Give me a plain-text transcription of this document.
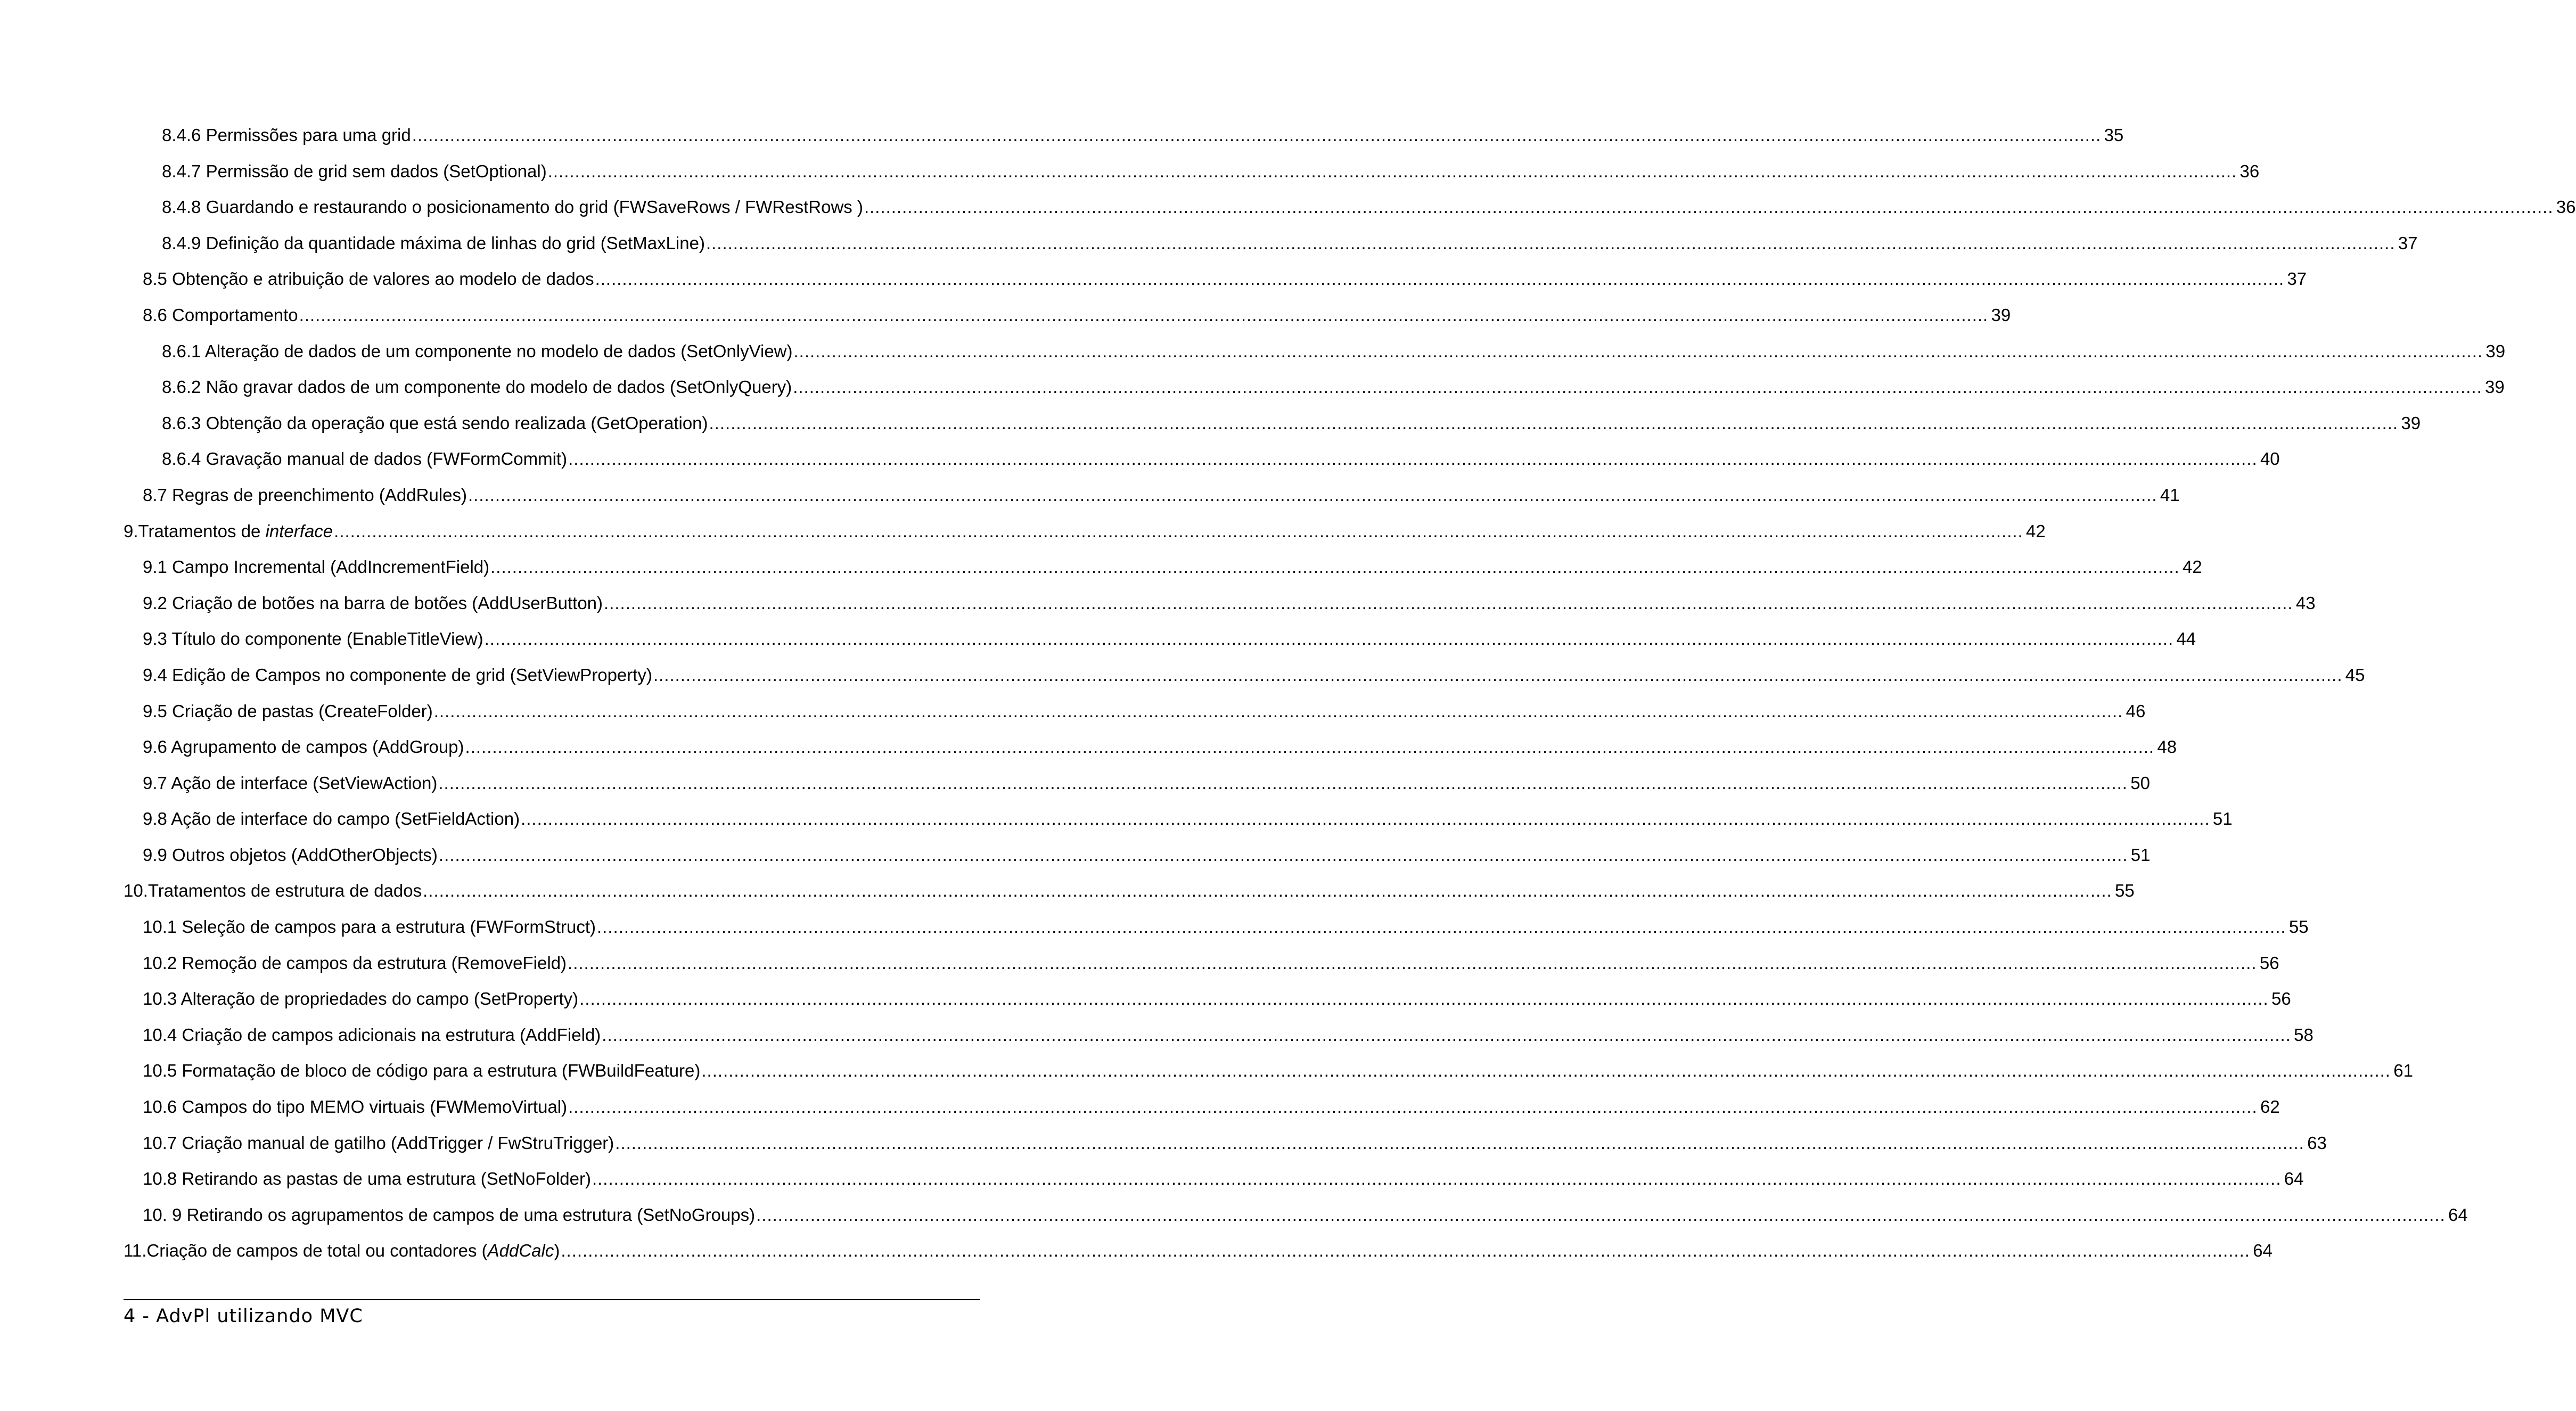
8.4.6 Permissões para uma grid .....	35
8.4.7 Permissão de grid sem dados (SetOptional) .....	36
8.4.8 Guardando e restaurando o posicionamento do grid (FWSaveRows / FWRestRows ) .....	36
8.4.9 Definição da quantidade máxima de linhas do grid (SetMaxLine) .....	37
8.5 Obtenção e atribuição de valores ao modelo de dados .....	37
8.6 Comportamento .....	39
8.6.1 Alteração de dados de um componente no modelo de dados (SetOnlyView) .....	39
8.6.2 Não gravar dados de um componente do modelo de dados (SetOnlyQuery) .....	39
8.6.3 Obtenção da operação que está sendo realizada (GetOperation) .....	39
8.6.4 Gravação manual de dados (FWFormCommit) .....	40
8.7 Regras de preenchimento (AddRules) .....	41
9.Tratamentos de interface .....	42
9.1 Campo Incremental (AddIncrementField) .....	42
9.2 Criação de botões na barra de botões (AddUserButton) .....	43
9.3 Título do componente (EnableTitleView) .....	44
9.4 Edição de Campos no componente de grid (SetViewProperty) .....	45
9.5 Criação de pastas (CreateFolder) .....	46
9.6 Agrupamento de campos (AddGroup) .....	48
9.7 Ação de interface (SetViewAction) .....	50
9.8 Ação de interface do campo (SetFieldAction) .....	51
9.9 Outros objetos (AddOtherObjects) .....	51
10.Tratamentos de estrutura de dados .....	55
10.1 Seleção de campos para a estrutura (FWFormStruct) .....	55
10.2 Remoção de campos da estrutura (RemoveField) .....	56
10.3 Alteração de propriedades do campo (SetProperty) .....	56
10.4 Criação de campos adicionais na estrutura (AddField) .....	58
10.5 Formatação de bloco de código para a estrutura (FWBuildFeature) .....	61
10.6 Campos do tipo MEMO virtuais (FWMemoVirtual) .....	62
10.7 Criação manual de gatilho (AddTrigger / FwStruTrigger) .....	63
10.8 Retirando as pastas de uma estrutura (SetNoFolder) .....	64
10. 9 Retirando os agrupamentos de campos de uma estrutura (SetNoGroups) .....	64
11.Criação de campos de total ou contadores (AddCalc) .....	64
4 - AdvPl utilizando MVC
